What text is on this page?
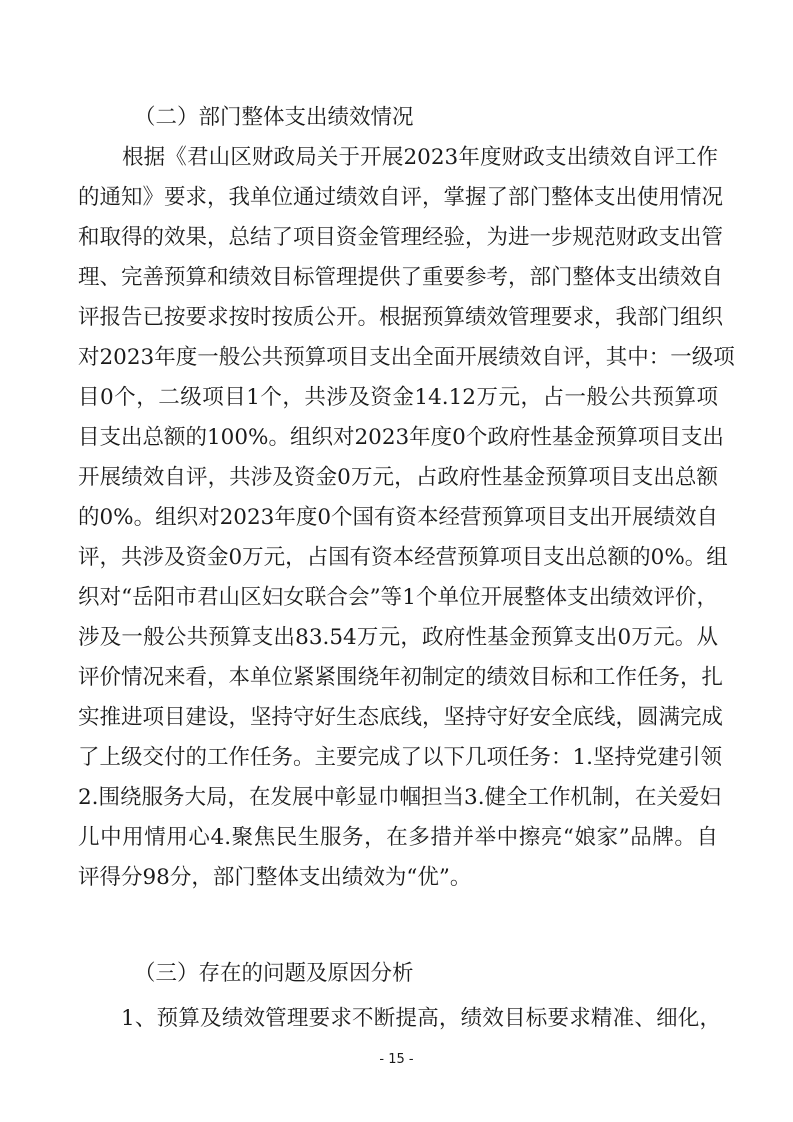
（二）部门整体支出绩效情况
根据《君山区财政局关于开展2023年度财政支出绩效自评工作
的通知》要求，我单位通过绩效自评，掌握了部门整体支出使用情况
和取得的效果，总结了项目资金管理经验，为进一步规范财政支出管
理、完善预算和绩效目标管理提供了重要参考，部门整体支出绩效自
评报告已按要求按时按质公开。根据预算绩效管理要求，我部门组织
对2023年度一般公共预算项目支出全面开展绩效自评，其中：一级项
目0个，二级项目1个，共涉及资金14.12万元，占一般公共预算项
目支出总额的100%。组织对2023年度0个政府性基金预算项目支出
开展绩效自评，共涉及资金0万元，占政府性基金预算项目支出总额
的0%。组织对2023年度0个国有资本经营预算项目支出开展绩效自
评，共涉及资金0万元，占国有资本经营预算项目支出总额的0%。组
织对“岳阳市君山区妇女联合会”等1个单位开展整体支出绩效评价，
涉及一般公共预算支出83.54万元，政府性基金预算支出0万元。从
评价情况来看，本单位紧紧围绕年初制定的绩效目标和工作任务，扎
实推进项目建设，坚持守好生态底线，坚持守好安全底线，圆满完成
了上级交付的工作任务。主要完成了以下几项任务：1.坚持党建引领
2.围绕服务大局，在发展中彰显巾帼担当3.健全工作机制，在关爱妇
儿中用情用心4.聚焦民生服务，在多措并举中擦亮“娘家”品牌。自
评得分98分，部门整体支出绩效为“优”。
（三）存在的问题及原因分析
1、预算及绩效管理要求不断提高，绩效目标要求精准、细化，
- 15 -
